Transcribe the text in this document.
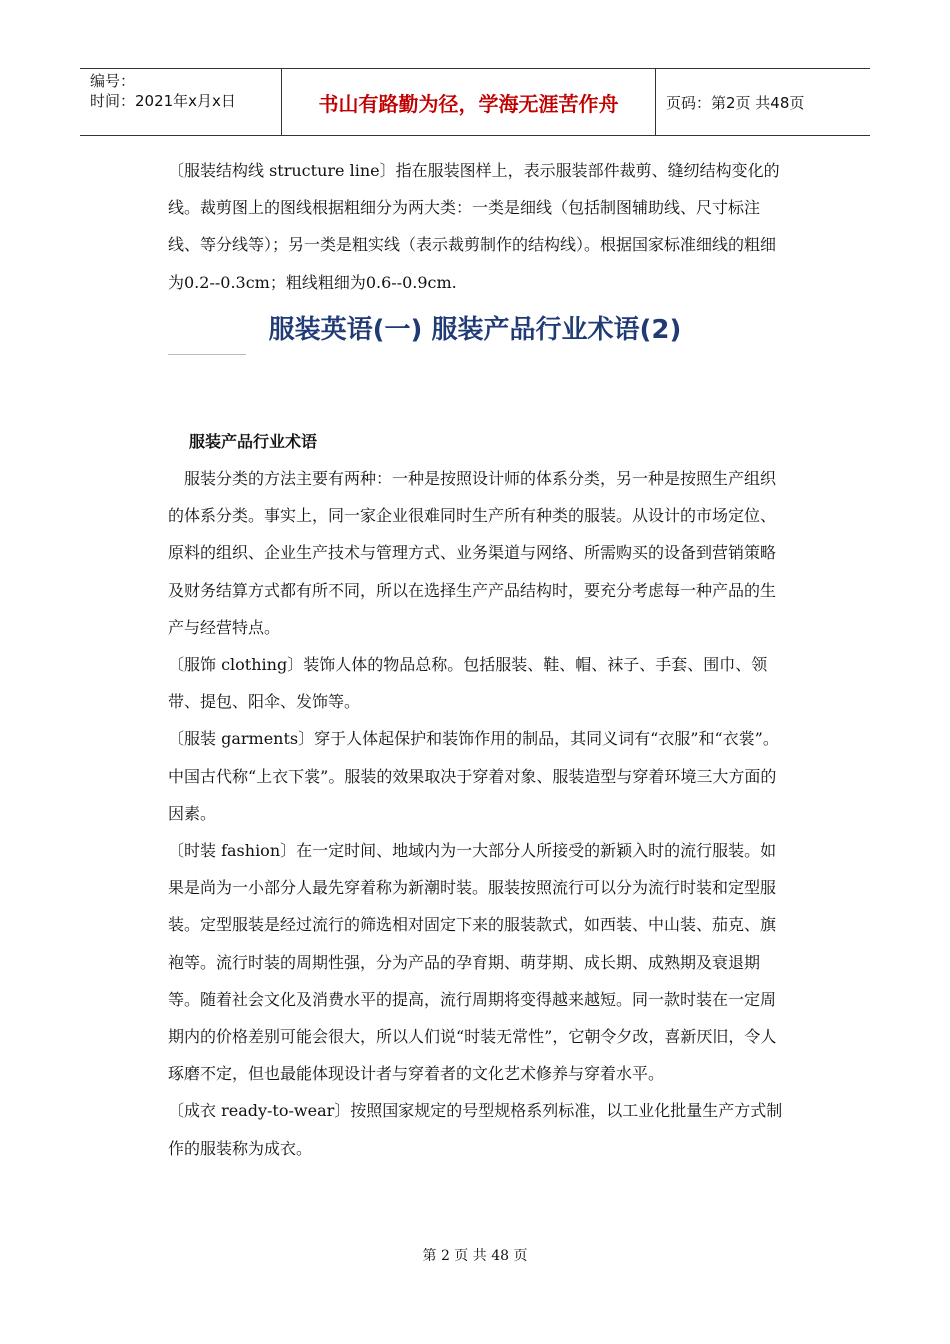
编号：
时间：2021年x月x日	书山有路勤为径，学海无涯苦作舟	页码：第2页 共48页

〔服装结构线 structure line〕指在服装图样上，表示服装部件裁剪、缝纫结构变化的线。裁剪图上的图线根据粗细分为两大类：一类是细线（包括制图辅助线、尺寸标注线、等分线等）；另一类是粗实线（表示裁剪制作的结构线）。根据国家标准细线的粗细为0.2--0.3cm；粗线粗细为0.6--0.9cm.

服装英语(一) 服装产品行业术语(2)
服装产品行业术语

服装分类的方法主要有两种：一种是按照设计师的体系分类，另一种是按照生产组织的体系分类。事实上，同一家企业很难同时生产所有种类的服装。从设计的市场定位、原料的组织、企业生产技术与管理方式、业务渠道与网络、所需购买的设备到营销策略及财务结算方式都有所不同，所以在选择生产产品结构时，要充分考虑每一种产品的生产与经营特点。

〔服饰 clothing〕装饰人体的物品总称。包括服装、鞋、帽、袜子、手套、围巾、领带、提包、阳伞、发饰等。

〔服装 garments〕穿于人体起保护和装饰作用的制品，其同义词有“衣服”和“衣裳”。中国古代称“上衣下裳”。服装的效果取决于穿着对象、服装造型与穿着环境三大方面的因素。

〔时装 fashion〕在一定时间、地域内为一大部分人所接受的新颖入时的流行服装。如果是尚为一小部分人最先穿着称为新潮时装。服装按照流行可以分为流行时装和定型服装。定型服装是经过流行的筛选相对固定下来的服装款式，如西装、中山装、茄克、旗袍等。流行时装的周期性强，分为产品的孕育期、萌芽期、成长期、成熟期及衰退期等。随着社会文化及消费水平的提高，流行周期将变得越来越短。同一款时装在一定周期内的价格差别可能会很大，所以人们说“时装无常性”，它朝令夕改，喜新厌旧，令人琢磨不定，但也最能体现设计者与穿着者的文化艺术修养与穿着水平。

〔成衣 ready-to-wear〕按照国家规定的号型规格系列标准，以工业化批量生产方式制作的服装称为成衣。

第 2 页 共 48 页
